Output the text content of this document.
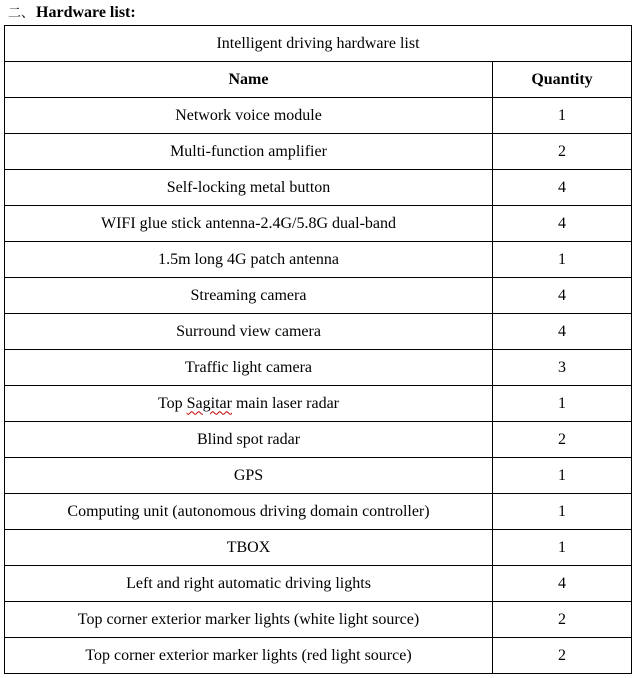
二、 Hardware list:
Intelligent driving hardware list	
Name	Quantity
Network voice module	1
Multi-function amplifier	2
Self-locking metal button	4
WIFI glue stick antenna-2.4G/5.8G dual-band	4
1.5m long 4G patch antenna	1
Streaming camera	4
Surround view camera	4
Traffic light camera	3
Top Sagitar main laser radar	1
Blind spot radar	2
GPS	1
Computing unit (autonomous driving domain controller)	1
TBOX	1
Left and right automatic driving lights	4
Top corner exterior marker lights (white light source)	2
Top corner exterior marker lights (red light source)	2
